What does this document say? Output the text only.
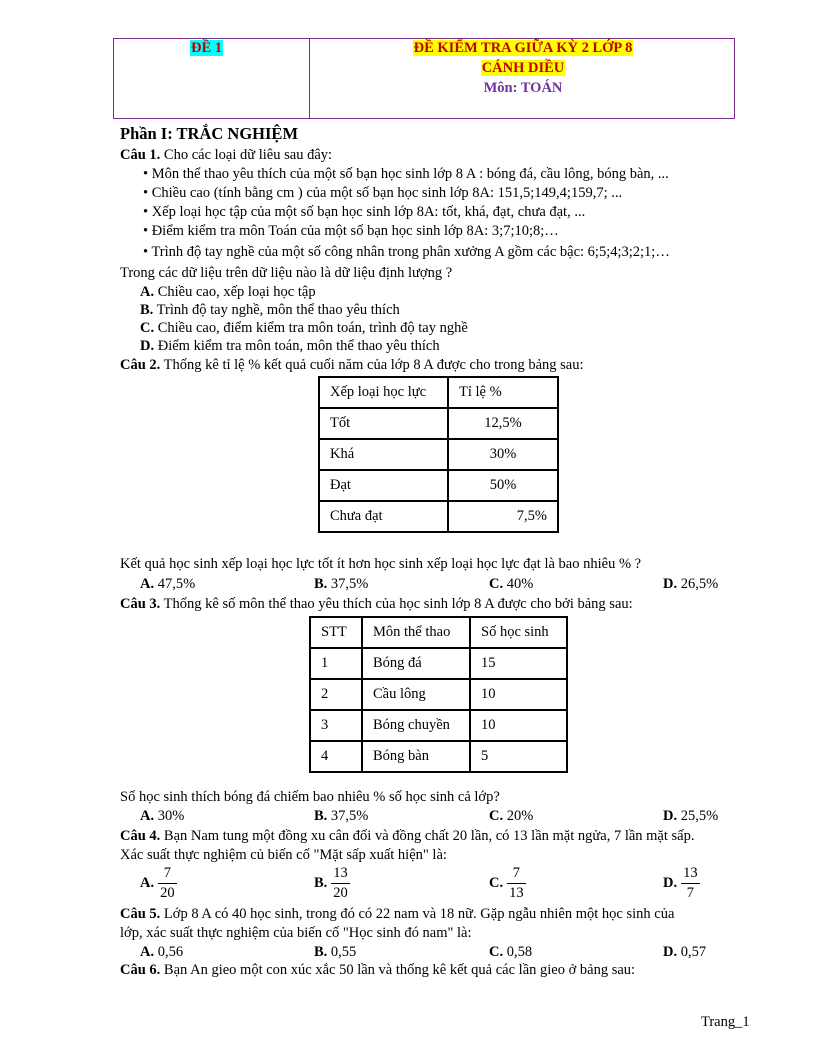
ĐỀ 1	ĐỀ KIỂM TRA GIỮA KỲ 2 LỚP 8
CÁNH DIỀU
Môn: TOÁN
Phần I: TRẮC NGHIỆM
Câu 1. Cho các loại dữ liêu sau đây:
• Môn thể thao yêu thích của một số bạn học sinh lớp 8 A : bóng đá, cầu lông, bóng bàn, ...
• Chiều cao (tính bằng cm ) của một số bạn học sinh lớp 8A: 151,5;149,4;159,7; ...
• Xếp loại học tập của một số bạn học sinh lớp 8A: tốt, khá, đạt, chưa đạt, ...
• Điểm kiểm tra môn Toán của một số bạn học sinh lớp 8A: 3;7;10;8;…
• Trình độ tay nghề của một số công nhân trong phân xưởng A gồm các bậc: 6;5;4;3;2;1;…
Trong các dữ liệu trên dữ liệu nào là dữ liệu định lượng ?
A. Chiều cao, xếp loại học tập
B. Trình độ tay nghề, môn thể thao yêu thích
C. Chiều cao, điểm kiểm tra môn toán, trình độ tay nghề
D. Điểm kiểm tra môn toán, môn thể thao yêu thích
Câu 2. Thống kê tỉ lệ % kết quả cuối năm của lớp 8 A được cho trong bảng sau:
Xếp loại học lực	Tỉ lệ %
Tốt	12,5%
Khá	30%
Đạt	50%
Chưa đạt	7,5%
Kết quả học sinh xếp loại học lực tốt ít hơn học sinh xếp loại học lực đạt là bao nhiêu % ?
A. 47,5%	B. 37,5%	C. 40%	D. 26,5%
Câu 3. Thống kê số môn thể thao yêu thích của học sinh lớp 8 A được cho bởi bảng sau:
STT	Môn thể thao	Số học sinh
1	Bóng đá	15
2	Cầu lông	10
3	Bóng chuyền	10
4	Bóng bàn	5
Số học sinh thích bóng đá chiếm bao nhiêu % số học sinh cả lớp?
A. 30%	B. 37,5%	C. 20%	D. 25,5%
Câu 4. Bạn Nam tung một đồng xu cân đối và đồng chất 20 lần, có 13 lần mặt ngửa, 7 lần mặt sấp.
Xác suất thực nghiệm củ biến cố "Mặt sấp xuất hiện" là:
A. $\frac{7}{20}$	B. $\frac{13}{20}$	C. $\frac{7}{13}$	D. $\frac{13}{7}$
Câu 5. Lớp 8 A có 40 học sinh, trong đó có 22 nam và 18 nữ. Gặp ngẫu nhiên một học sinh của
lớp, xác suất thực nghiệm của biến cố "Học sinh đó nam" là:
A. 0,56	B. 0,55	C. 0,58	D. 0,57
Câu 6. Bạn An gieo một con xúc xắc 50 lần và thống kê kết quả các lần gieo ở bảng sau:
Trang_1
